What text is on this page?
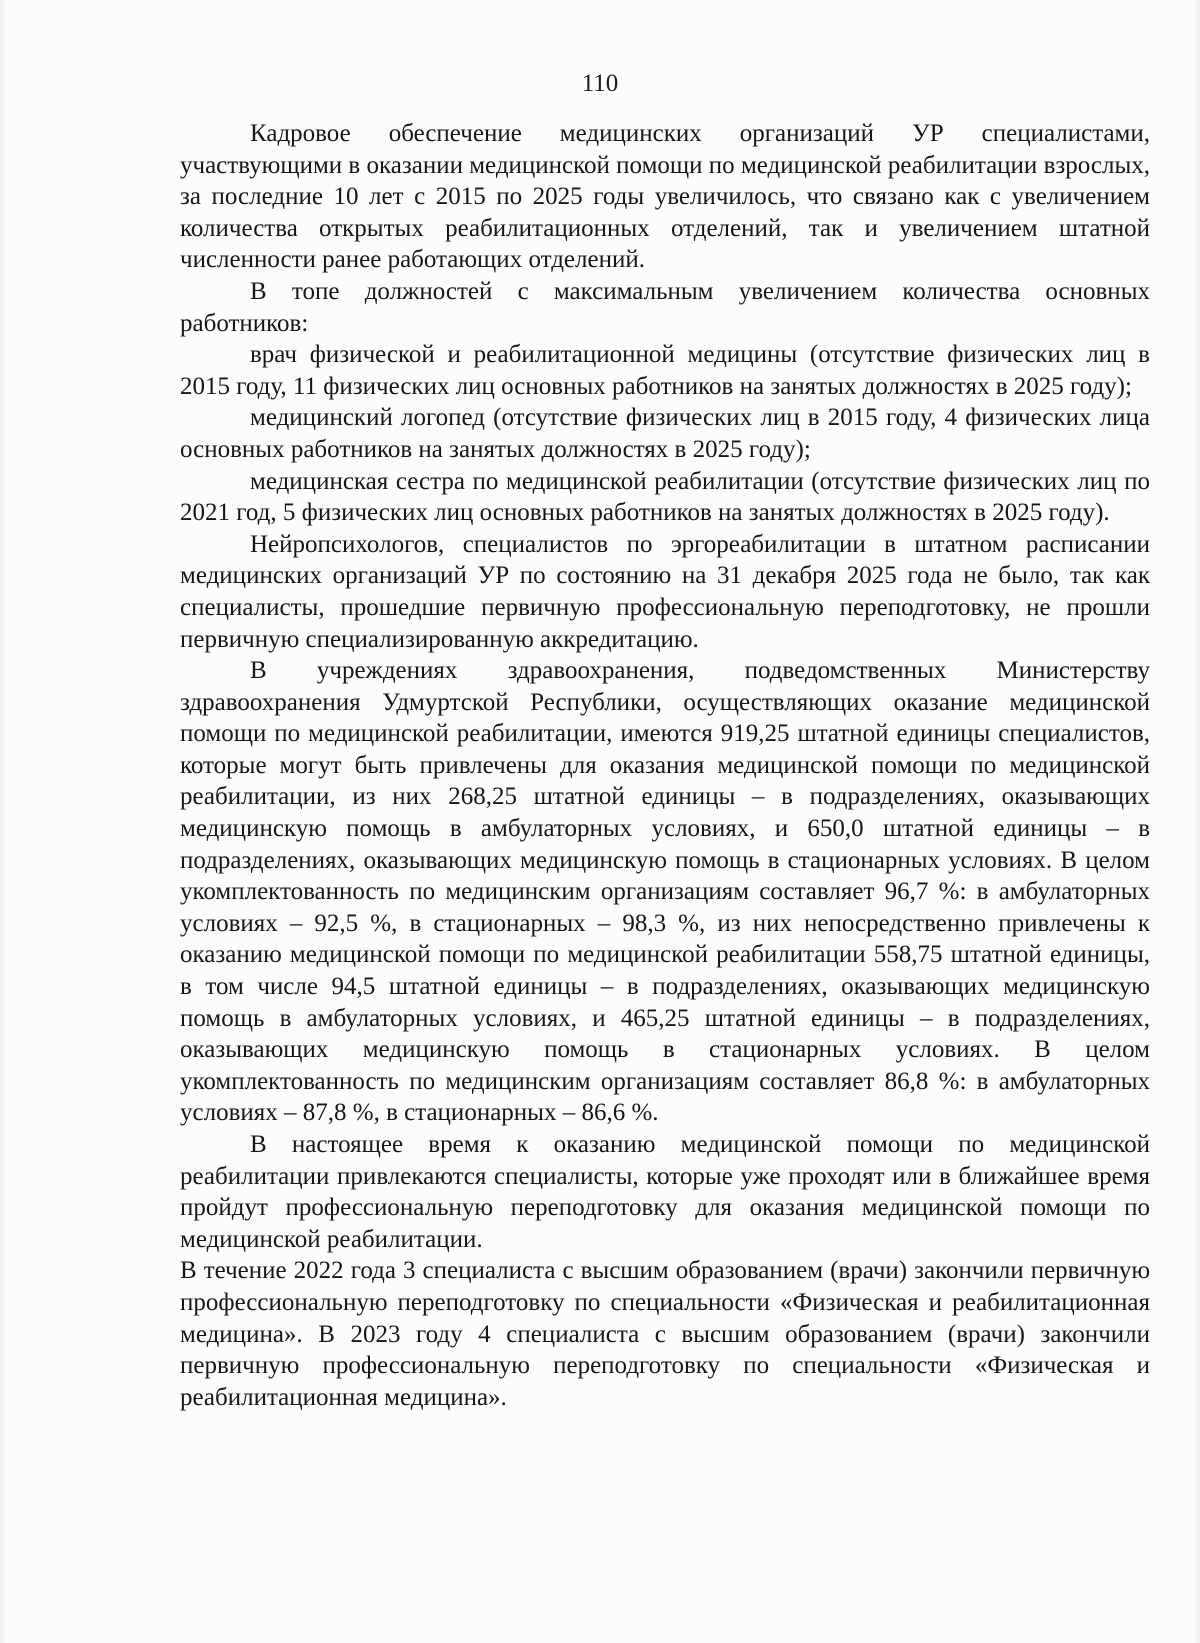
110

Кадровое обеспечение медицинских организаций УР специалистами, участвующими в оказании медицинской помощи по медицинской реабилитации взрослых, за последние 10 лет с 2015 по 2025 годы увеличилось, что связано как с увеличением количества открытых реабилитационных отделений, так и увеличением штатной численности ранее работающих отделений.

В топе должностей с максимальным увеличением количества основных работников:

врач физической и реабилитационной медицины (отсутствие физических лиц в 2015 году, 11 физических лиц основных работников на занятых должностях в 2025 году);

медицинский логопед (отсутствие физических лиц в 2015 году, 4 физических лица основных работников на занятых должностях в 2025 году);

медицинская сестра по медицинской реабилитации (отсутствие физических лиц по 2021 год, 5 физических лиц основных работников на занятых должностях в 2025 году).

Нейропсихологов, специалистов по эргореабилитации в штатном расписании медицинских организаций УР по состоянию на 31 декабря 2025 года не было, так как специалисты, прошедшие первичную профессиональную переподготовку, не прошли первичную специализированную аккредитацию.

В учреждениях здравоохранения, подведомственных Министерству здравоохранения Удмуртской Республики, осуществляющих оказание медицинской помощи по медицинской реабилитации, имеются 919,25 штатной единицы специалистов, которые могут быть привлечены для оказания медицинской помощи по медицинской реабилитации, из них 268,25 штатной единицы – в подразделениях, оказывающих медицинскую помощь в амбулаторных условиях, и 650,0 штатной единицы – в подразделениях, оказывающих медицинскую помощь в стационарных условиях. В целом укомплектованность по медицинским организациям составляет 96,7 %: в амбулаторных условиях – 92,5 %, в стационарных – 98,3 %, из них непосредственно привлечены к оказанию медицинской помощи по медицинской реабилитации 558,75 штатной единицы, в том числе 94,5 штатной единицы – в подразделениях, оказывающих медицинскую помощь в амбулаторных условиях, и 465,25 штатной единицы – в подразделениях, оказывающих медицинскую помощь в стационарных условиях. В целом укомплектованность по медицинским организациям составляет 86,8 %: в амбулаторных условиях – 87,8 %, в стационарных – 86,6 %.

В настоящее время к оказанию медицинской помощи по медицинской реабилитации привлекаются специалисты, которые уже проходят или в ближайшее время пройдут профессиональную переподготовку для оказания медицинской помощи по медицинской реабилитации.

В течение 2022 года 3 специалиста с высшим образованием (врачи) закончили первичную профессиональную переподготовку по специальности «Физическая и реабилитационная медицина». В 2023 году 4 специалиста с высшим образованием (врачи) закончили первичную профессиональную переподготовку по специальности «Физическая и реабилитационная медицина».
